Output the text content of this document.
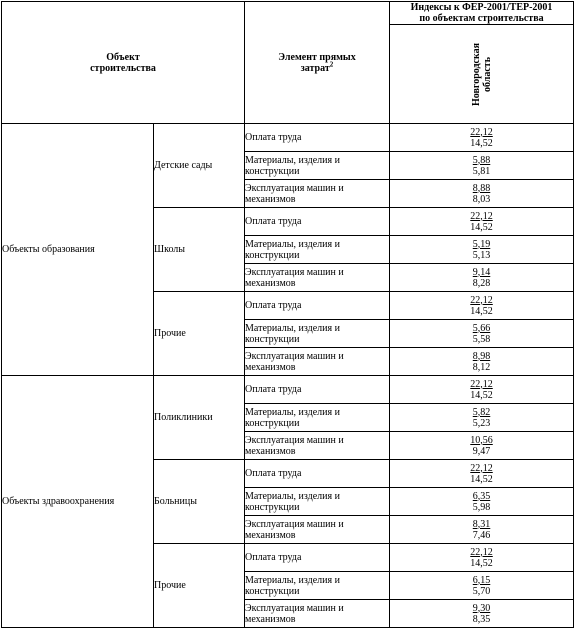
Объект
строительства		Элемент прямых
затрат$^2$	Индексы к ФЕР-2001/ТЕР-2001
по объектам строительства
			Новгородская
область
Объекты образования	Детские сады	Оплата труда	22,12
14,52

		Материалы, изделия и
конструкции	5,88
5,81

		Эксплуатация машин и
механизмов	8,88
8,03

	Школы	Оплата труда	22,12
14,52

		Материалы, изделия и
конструкции	5,19
5,13

		Эксплуатация машин и
механизмов	9,14
8,28

	Прочие	Оплата труда	22,12
14,52

		Материалы, изделия и
конструкции	5,66
5,58

		Эксплуатация машин и
механизмов	8,98
8,12

Объекты здравоохранения	Поликлиники	Оплата труда	22,12
14,52

		Материалы, изделия и
конструкции	5,82
5,23

		Эксплуатация машин и
механизмов	10,56
9,47

	Больницы	Оплата труда	22,12
14,52

		Материалы, изделия и
конструкции	6,35
5,98

		Эксплуатация машин и
механизмов	8,31
7,46

	Прочие	Оплата труда	22,12
14,52

		Материалы, изделия и
конструкции	6,15
5,70

		Эксплуатация машин и
механизмов	9,30
8,35
